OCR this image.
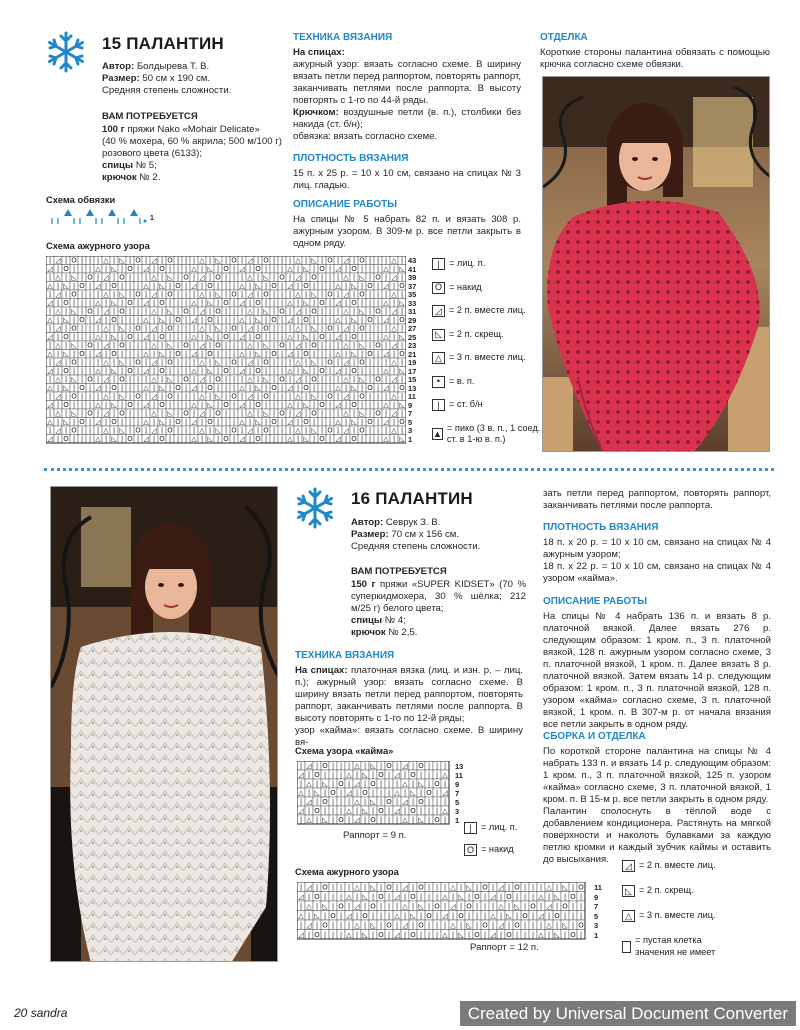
15 ПАЛАНТИН
Автор: Болдырева Т. В.
Размер: 50 см х 190 см.
Средняя степень сложности.
ВАМ ПОТРЕБУЕТСЯ
100 г пряжи Nako «Mohair Delicate»
(40 % мохера, 60 % акрила; 500 м/100 г)
розового цвета (6133);
спицы № 5;
крючок № 2.
ТЕХНИКА ВЯЗАНИЯ
На спицах:
ажурный узор: вязать согласно схеме. В ширину вязать петли перед раппортом, повторять раппорт, заканчивать петлями после раппорта. В высоту повторять с 1-го по 44-й ряды.
Крючком: воздушные петли (в. п.), столбики без накида (ст. б/н);
обвязка: вязать согласно схеме.
ПЛОТНОСТЬ ВЯЗАНИЯ
15 п. х 25 р. = 10 х 10 см, связано на спицах № 3 лиц. гладью.
ОПИСАНИЕ РАБОТЫ
На спицы № 5 набрать 82 п. и вязать 308 р. ажурным узором. В 309-м р. все петли закрыть в одном ряду.
ОТДЕЛКА
Короткие стороны палантина обвязать с помощью крючка согласно схеме обвязки.
Схема обвязки
1
Схема ажурного узора
| ◿ | O | | | △ | ◺ | O | ◿ | O | | | △ | ◺ | O | ◿ | O | | | △ | ◺ | O | ◿ | O | | | △ |
◿ | O | | | △ | ◺ | O | ◿ | O | | | △ | ◺ | O | ◿ | O | | | △ | ◺ | O | ◿ | O | | | △ | ◺
| △ | ◺ | O | ◿ | O | | | △ | ◺ | O | ◿ | O | | | △ | ◺ | O | ◿ | O | | | △ | ◺ | O | ◿ |
△ | ◺ | O | ◿ | O | | | △ | ◺ | O | ◿ | O | | | △ | ◺ | O | ◿ | O | | | △ | ◺ | O | ◿ | O
| ◿ | O | | | △ | ◺ | O | ◿ | O | | | △ | ◺ | O | ◿ | O | | | △ | ◺ | O | ◿ | O | | | △ |
◿ | O | | | △ | ◺ | O | ◿ | O | | | △ | ◺ | O | ◿ | O | | | △ | ◺ | O | ◿ | O | | | △ | ◺
| △ | ◺ | O | ◿ | O | | | △ | ◺ | O | ◿ | O | | | △ | ◺ | O | ◿ | O | | | △ | ◺ | O | ◿ |
△ | ◺ | O | ◿ | O | | | △ | ◺ | O | ◿ | O | | | △ | ◺ | O | ◿ | O | | | △ | ◺ | O | ◿ | O
| ◿ | O | | | △ | ◺ | O | ◿ | O | | | △ | ◺ | O | ◿ | O | | | △ | ◺ | O | ◿ | O | | | △ |
◿ | O | | | △ | ◺ | O | ◿ | O | | | △ | ◺ | O | ◿ | O | | | △ | ◺ | O | ◿ | O | | | △ | ◺
| △ | ◺ | O | ◿ | O | | | △ | ◺ | O | ◿ | O | | | △ | ◺ | O | ◿ | O | | | △ | ◺ | O | ◿ |
△ | ◺ | O | ◿ | O | | | △ | ◺ | O | ◿ | O | | | △ | ◺ | O | ◿ | O | | | △ | ◺ | O | ◿ | O
| ◿ | O | | | △ | ◺ | O | ◿ | O | | | △ | ◺ | O | ◿ | O | | | △ | ◺ | O | ◿ | O | | | △ |
◿ | O | | | △ | ◺ | O | ◿ | O | | | △ | ◺ | O | ◿ | O | | | △ | ◺ | O | ◿ | O | | | △ | ◺
| △ | ◺ | O | ◿ | O | | | △ | ◺ | O | ◿ | O | | | △ | ◺ | O | ◿ | O | | | △ | ◺ | O | ◿ |
△ | ◺ | O | ◿ | O | | | △ | ◺ | O | ◿ | O | | | △ | ◺ | O | ◿ | O | | | △ | ◺ | O | ◿ | O
| ◿ | O | | | △ | ◺ | O | ◿ | O | | | △ | ◺ | O | ◿ | O | | | △ | ◺ | O | ◿ | O | | | △ |
◿ | O | | | △ | ◺ | O | ◿ | O | | | △ | ◺ | O | ◿ | O | | | △ | ◺ | O | ◿ | O | | | △ | ◺
| △ | ◺ | O | ◿ | O | | | △ | ◺ | O | ◿ | O | | | △ | ◺ | O | ◿ | O | | | △ | ◺ | O | ◿ |
△ | ◺ | O | ◿ | O | | | △ | ◺ | O | ◿ | O | | | △ | ◺ | O | ◿ | O | | | △ | ◺ | O | ◿ | O
| ◿ | O | | | △ | ◺ | O | ◿ | O | | | △ | ◺ | O | ◿ | O | | | △ | ◺ | O | ◿ | O | | | △ |
◿ | O | | | △ | ◺ | O | ◿ | O | | | △ | ◺ | O | ◿ | O | | | △ | ◺ | O | ◿ | O | | | △ | ◺
43
41
39
37
35
33
31
29
27
25
23
21
19
17
15
13
11
9
7
5
3
1
|	= лиц. п.
O = накид
◿ = 2 п. вместе лиц.
◺ = 2 п. скрещ.
△ = 3 п. вместе лиц.
• = в. п.
|	= ст. б/н
▲
= пико (3 в. п., 1 соед. ст. в 1-ю в. п.)
16 ПАЛАНТИН
Автор: Севрук З. В.
Размер: 70 см х 156 см.
Средняя степень сложности.
ВАМ ПОТРЕБУЕТСЯ
150 г пряжи «SUPER KIDSET» (70 % суперкидмохера, 30 % шёлка; 212 м/25 г) белого цвета;
спицы № 4;
крючок № 2,5.
ТЕХНИКА ВЯЗАНИЯ
На спицах: платочная вязка (лиц. и изн. р. – лиц. п.); ажурный узор: вязать согласно схеме. В ширину вязать петли перед раппортом, повторять раппорт, заканчивать петлями после раппорта. В высоту повторять с 1-го по 12-й ряды;
узор «кайма»: вязать согласно схеме. В ширину вя-
зать петли перед раппортом, повторять раппорт, заканчивать петлями после раппорта.
ПЛОТНОСТЬ ВЯЗАНИЯ
18 п. х 20 р. = 10 х 10 см, связано на спицах № 4 ажурным узором;
18 п. х 22 р. = 10 х 10 см, связано на спицах № 4 узором «кайма».
ОПИСАНИЕ РАБОТЫ
На спицы № 4 набрать 136 п. и вязать 8 р. платочной вязкой. Далее вязать 276 р. следующим образом: 1 кром. п., 3 п. платочной вязкой, 128 п. ажурным узором согласно схеме, 3 п. платочной вязкой, 1 кром. п. Далее вязать 8 р. платочной вязкой. Затем вязать 14 р. следующим образом: 1 кром. п., 3 п. платочной вязкой, 128 п. узором «кайма» согласно схеме, 3 п. платочной вязкой, 1 кром. п. В 307-м р. от начала вязания все петли закрыть в одном ряду.
СБОРКА И ОТДЕЛКА
По короткой стороне палантина на спицы № 4 набрать 133 п. и вязать 14 р. следующим образом: 1 кром. п., 3 п. платочной вязкой, 125 п. узором «кайма» согласно схеме, 3 п. платочной вязкой, 1 кром. п. В 15-м р. все петли закрыть в одном ряду.
Палантин сполоснуть в тёплой воде с добавлением кондиционера. Растянуть на мягкой поверхности и наколоть булавками за каждую петлю кромки и каждый зубчик каймы и оставить до высыхания.
Схема узора «кайма»
| ◿ | O | | | △ | ◺ | O | ◿ | O | | |
◿ | O | | | △ | ◺ | O | ◿ | O | | | △
| △ | ◺ | O | ◿ | O | | | △ | ◺ | O |
△ | ◺ | O | ◿ | O | | | △ | ◺ | O | ◿
| ◿ | O | | | △ | ◺ | O | ◿ | O | | |
◿ | O | | | △ | ◺ | O | ◿ | O | | | △
| △ | ◺ | O | ◿ | O | | | △ | ◺ | O |
13
11
9
7
5
3
1
Раппорт = 9 п.
|	= лиц. п.
O = накид
Схема ажурного узора
| ◿ | O | | | △ | ◺ | O | ◿ | O | | | △ | ◺ | O | ◿ | O | | | △ | ◺ | O
◿ | O | | | △ | ◺ | O | ◿ | O | | | △ | ◺ | O | ◿ | O | | | △ | ◺ | O |
| △ | ◺ | O | ◿ | O | | | △ | ◺ | O | ◿ | O | | | △ | ◺ | O | ◿ | O | |
△ | ◺ | O | ◿ | O | | | △ | ◺ | O | ◿ | O | | | △ | ◺ | O | ◿ | O | | |
| ◿ | O | | | △ | ◺ | O | ◿ | O | | | △ | ◺ | O | ◿ | O | | | △ | ◺ | O
◿ | O | | | △ | ◺ | O | ◿ | O | | | △ | ◺ | O | ◿ | O | | | △ | ◺ | O |
11
9
7
5
3
1
Раппорт = 12 п.
◿ = 2 п. вместе лиц.
◺ = 2 п. скрещ.
△ = 3 п. вместе лиц.
= пустая клетка значения не имеет
20 sandra	Created by Universal Document Converter
